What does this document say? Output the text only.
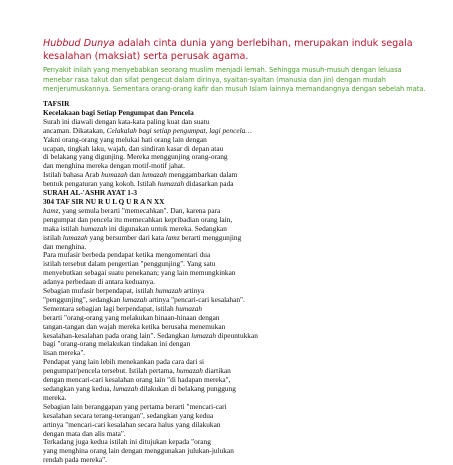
Hubbud Dunya adalah cinta dunia yang berlebihan, merupakan induk segala kesalahan (maksiat) serta perusak agama.

Penyakit inilah yang menyebabkan seorang muslim menjadi lemah. Sehingga musuh-musuh dengan leluasa menebar rasa takut dan sifat pengecut dalam dirinya, syaitan-syaitan (manusia dan jin) dengan mudah menjerumuskannya. Sementara orang-orang kafir dan musuh Islam lainnya memandangnya dengan sebelah mata.

TAFSIR
Kecelakaan bagi Setiap Pengumpat dan Pencela
Surah ini diawali dengan kata-kata paling kuat dan suatu
ancaman. Dikatakan, Celakalah bagi setiap pengumpat, lagi pencela…
Yakni orang-orang yang melukai hati orang lain dengan
ucapan, tingkah laku, wajah, dan sindiran kasar di depan atau
di belakang yang digunjing. Mereka menggunjing orang-orang
dan menghina mereka dengan motif-motif jahat.
Istilah bahasa Arab humazah dan lumazah menggambarkan dalam
bentuk pengaturan yang kokoh. Istilah humazah didasarkan pada
SURAH AL-'ASHR AYAT 1-3
304 TAF SIR NU R U L Q U R A N XX
hamz, yang semula berarti "memecahkan". Dan, karena para
pengumpat dan pencela itu memecahkan kepribadian orang lain,
maka istilah humazah ini digunakan untuk mereka. Sedangkan
istilah lumazah yang bersumber dari kata lamz berarti menggunjing
dan menghina.
Para mufasir berbeda pendapat ketika mengomentari dua
istilah tersebut dalam pengertian "penggunjing". Yang satu
menyebutkan sebagai suatu penekanan; yang lain memungkinkan
adanya perbedaan di antara keduanya.
Sebagian mufasir berpendapat, istilah humazah artinya
"penggunjing", sedangkan lumazah artinya "pencari-cari kesalahan".
Sementara sebagian lagi berpendapat, istilah humazah
berarti "orang-orang yang melakukan hinaan-hinaan dengan
tangan-tangan dan wajah mereka ketika berusaha menemukan
kesalahan-kesalahan pada orang lain". Sedangkan lumazah dipeuntukkan
bagi "orang-orang melakukan tindakan ini dengan
lisan mereka".
Pendapat yang lain lebih menekankan pada cara dari si
pengumpat/pencela tersebut. Istilah pertama, humazah diartikan
dengan mencari-cari kesalahan orang lain "di hadapan mereka",
sedangkan yang kedua, lumazah dilakukan di belakang punggung
mereka.
Sebagian lain beranggapan yang pertama berarti "mencari-cari
kesalahan secara terang-terangan", sedangkan yang kedua
artinya "mencari-cari kesalahan secara halus yang dilakukan
dengan mata dan alis mata".
Terkadang juga kedua istilah ini ditujukan kepada "orang
yang menghina orang lain dengan menggunakan julukan-julukan
rendah pada mereka".
